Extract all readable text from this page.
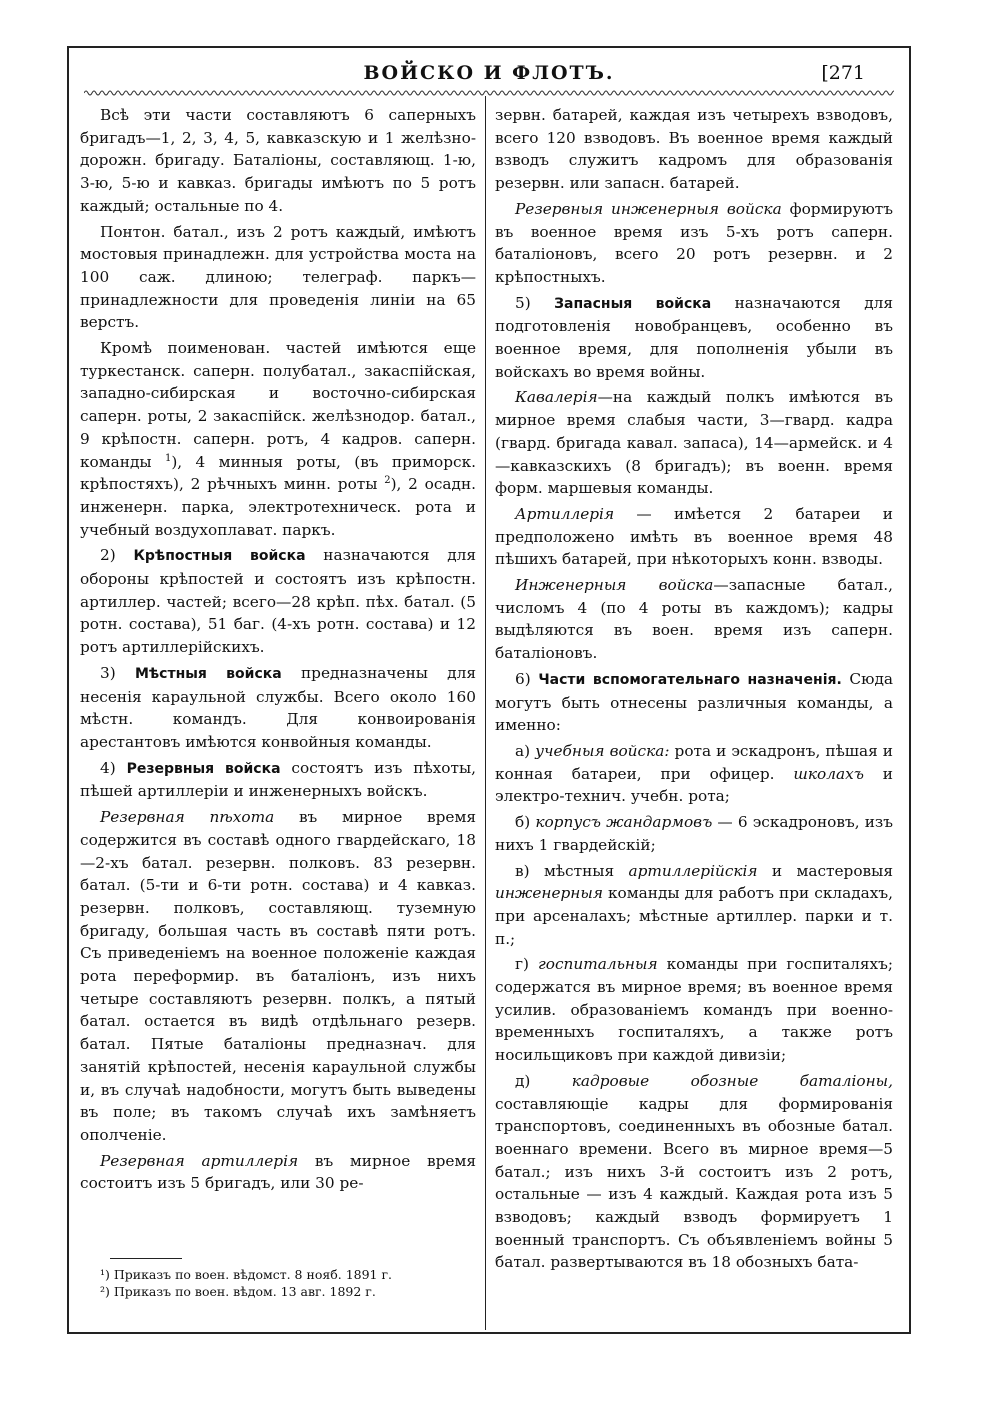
ВОЙСКО И ФЛОТЪ.	[271

Всѣ эти части составляютъ 6 саперныхъ бригадъ—1, 2, 3, 4, 5, кавказскую и 1 желѣзно-дорожн. бригаду. Баталіоны, составляющ. 1-ю, 3-ю, 5-ю и кавказ. бригады имѣютъ по 5 ротъ каждый; остальные по 4.

Понтон. батал., изъ 2 ротъ каждый, имѣютъ мостовыя принадлежн. для устройства моста на 100 саж. длиною; телеграф. паркъ—принадлежности для проведенія линіи на 65 верстъ.

Кромѣ поименован. частей имѣются еще туркестанск. саперн. полубатал., закаспійская, западно-сибирская и восточно-сибирская саперн. роты, 2 закаспійск. желѣзнодор. батал., 9 крѣпостн. саперн. ротъ, 4 кадров. саперн. команды $^1$), 4 минныя роты, (въ приморск. крѣпостяхъ), 2 рѣчныхъ минн. роты $^2$), 2 осадн. инженерн. парка, электротехническ. рота и учебный воздухоплават. паркъ.

2) Крѣпостныя войска назначаются для обороны крѣпостей и состоятъ изъ крѣпостн. артиллер. частей; всего—28 крѣп. пѣх. батал. (5 ротн. состава), 51 баг. (4-хъ ротн. состава) и 12 ротъ артиллерійскихъ.

3) Мѣстныя войска предназначены для несенія караульной службы. Всего около 160 мѣстн. командъ. Для конвоированія арестантовъ имѣются конвойныя команды.

4) Резервныя войска состоятъ изъ пѣхоты, пѣшей артиллеріи и инженерныхъ войскъ.

Резервная пѣхота въ мирное время содержится въ составѣ одного гвардейскаго, 18—2-хъ батал. резервн. полковъ. 83 резервн. батал. (5-ти и 6-ти ротн. состава) и 4 кавказ. резервн. полковъ, составляющ. туземную бригаду, большая часть въ составѣ пяти ротъ. Съ приведеніемъ на военное положеніе каждая рота переформир. въ баталіонъ, изъ нихъ четыре составляютъ резервн. полкъ, а пятый батал. остается въ видѣ отдѣльнаго резерв. батал. Пятые баталіоны предназнач. для занятій крѣпостей, несенія караульной службы и, въ случаѣ надобности, могутъ быть выведены въ поле; въ такомъ случаѣ ихъ замѣняетъ ополченіе.

Резервная артиллерія въ мирное время состоитъ изъ 5 бригадъ, или 30 ре-

зервн. батарей, каждая изъ четырехъ взводовъ, всего 120 взводовъ. Въ военное время каждый взводъ служитъ кадромъ для образованія резервн. или запасн. батарей.

Резервныя инженерныя войска формируютъ въ военное время изъ 5-хъ ротъ саперн. баталіоновъ, всего 20 ротъ резервн. и 2 крѣпостныхъ.

5) Запасныя войска назначаются для подготовленія новобранцевъ, особенно въ военное время, для пополненія убыли въ войскахъ во время войны.

Кавалерія—на каждый полкъ имѣются въ мирное время слабыя части, 3—гвард. кадра (гвард. бригада кавал. запаса), 14—армейск. и 4—кавказскихъ (8 бригадъ); въ военн. время форм. маршевыя команды.

Артиллерія — имѣется 2 батареи и предположено имѣть въ военное время 48 пѣшихъ батарей, при нѣкоторыхъ конн. взводы.

Инженерныя войска—запасные батал., числомъ 4 (по 4 роты въ каждомъ); кадры выдѣляются въ воен. время изъ саперн. баталіоновъ.

6) Части вспомогательнаго назначенія. Сюда могутъ быть отнесены различныя команды, а именно:

а) учебныя войска: рота и эскадронъ, пѣшая и конная батареи, при офицер. школахъ и электро-технич. учебн. рота;

б) корпусъ жандармовъ — 6 эскадроновъ, изъ нихъ 1 гвардейскій;

в) мѣстныя артиллерійскія и мастеровыя инженерныя команды для работъ при складахъ, при арсеналахъ; мѣстные артиллер. парки и т. п.;

г) госпитальныя команды при госпиталяхъ; содержатся въ мирное время; въ военное время усилив. образованіемъ командъ при военно-временныхъ госпиталяхъ, а также ротъ носильщиковъ при каждой дивизіи;

д) кадровые обозные баталіоны, составляющіе кадры для формированія транспортовъ, соединенныхъ въ обозные батал. военнаго времени. Всего въ мирное время—5 батал.; изъ нихъ 3-й состоитъ изъ 2 ротъ, остальные — изъ 4 каждый. Каждая рота изъ 5 взводовъ; каждый взводъ формируетъ 1 военный транспортъ. Съ объявленіемъ войны 5 батал. развертываются въ 18 обозныхъ бата-

¹) Приказъ по воен. вѣдомст. 8 нояб. 1891 г.
²) Приказъ по воен. вѣдом. 13 авг. 1892 г.
